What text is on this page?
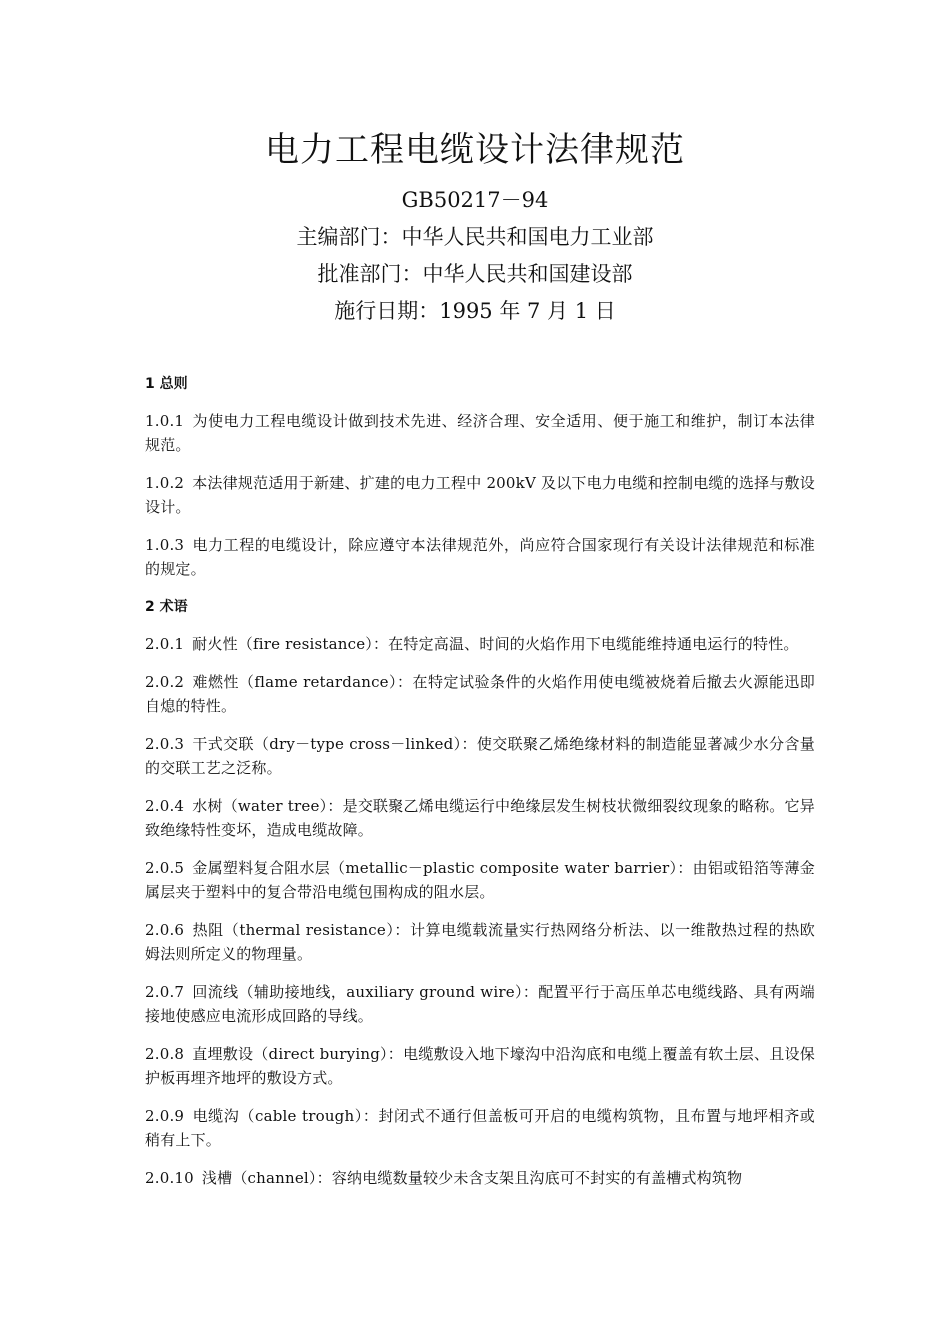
电力工程电缆设计法律规范
GB50217－94
主编部门：中华人民共和国电力工业部
批准部门：中华人民共和国建设部
施行日期：1995 年 7 月 1 日
1 总则
1.0.1 为使电力工程电缆设计做到技术先进、经济合理、安全适用、便于施工和维护，制订本法律规范。
1.0.2 本法律规范适用于新建、扩建的电力工程中 200kV 及以下电力电缆和控制电缆的选择与敷设设计。
1.0.3 电力工程的电缆设计，除应遵守本法律规范外，尚应符合国家现行有关设计法律规范和标准的规定。
2 术语
2.0.1 耐火性（fire resistance）：在特定高温、时间的火焰作用下电缆能维持通电运行的特性。
2.0.2 难燃性（flame retardance）：在特定试验条件的火焰作用使电缆被烧着后撤去火源能迅即自熄的特性。
2.0.3 干式交联（dry－type cross－linked）：使交联聚乙烯绝缘材料的制造能显著减少水分含量的交联工艺之泛称。
2.0.4 水树（water tree）：是交联聚乙烯电缆运行中绝缘层发生树枝状微细裂纹现象的略称。它异致绝缘特性变坏，造成电缆故障。
2.0.5 金属塑料复合阻水层（metallic－plastic composite water barrier）：由铝或铅箔等薄金属层夹于塑料中的复合带沿电缆包围构成的阻水层。
2.0.6 热阻（thermal resistance）：计算电缆载流量实行热网络分析法、以一维散热过程的热欧姆法则所定义的物理量。
2.0.7 回流线（辅助接地线，auxiliary ground wire）：配置平行于高压单芯电缆线路、具有两端接地使感应电流形成回路的导线。
2.0.8 直埋敷设（direct burying）：电缆敷设入地下壕沟中沿沟底和电缆上覆盖有软土层、且设保护板再埋齐地坪的敷设方式。
2.0.9 电缆沟（cable trough）：封闭式不通行但盖板可开启的电缆构筑物，且布置与地坪相齐或稍有上下。
2.0.10 浅槽（channel）：容纳电缆数量较少未含支架且沟底可不封实的有盖槽式构筑物
